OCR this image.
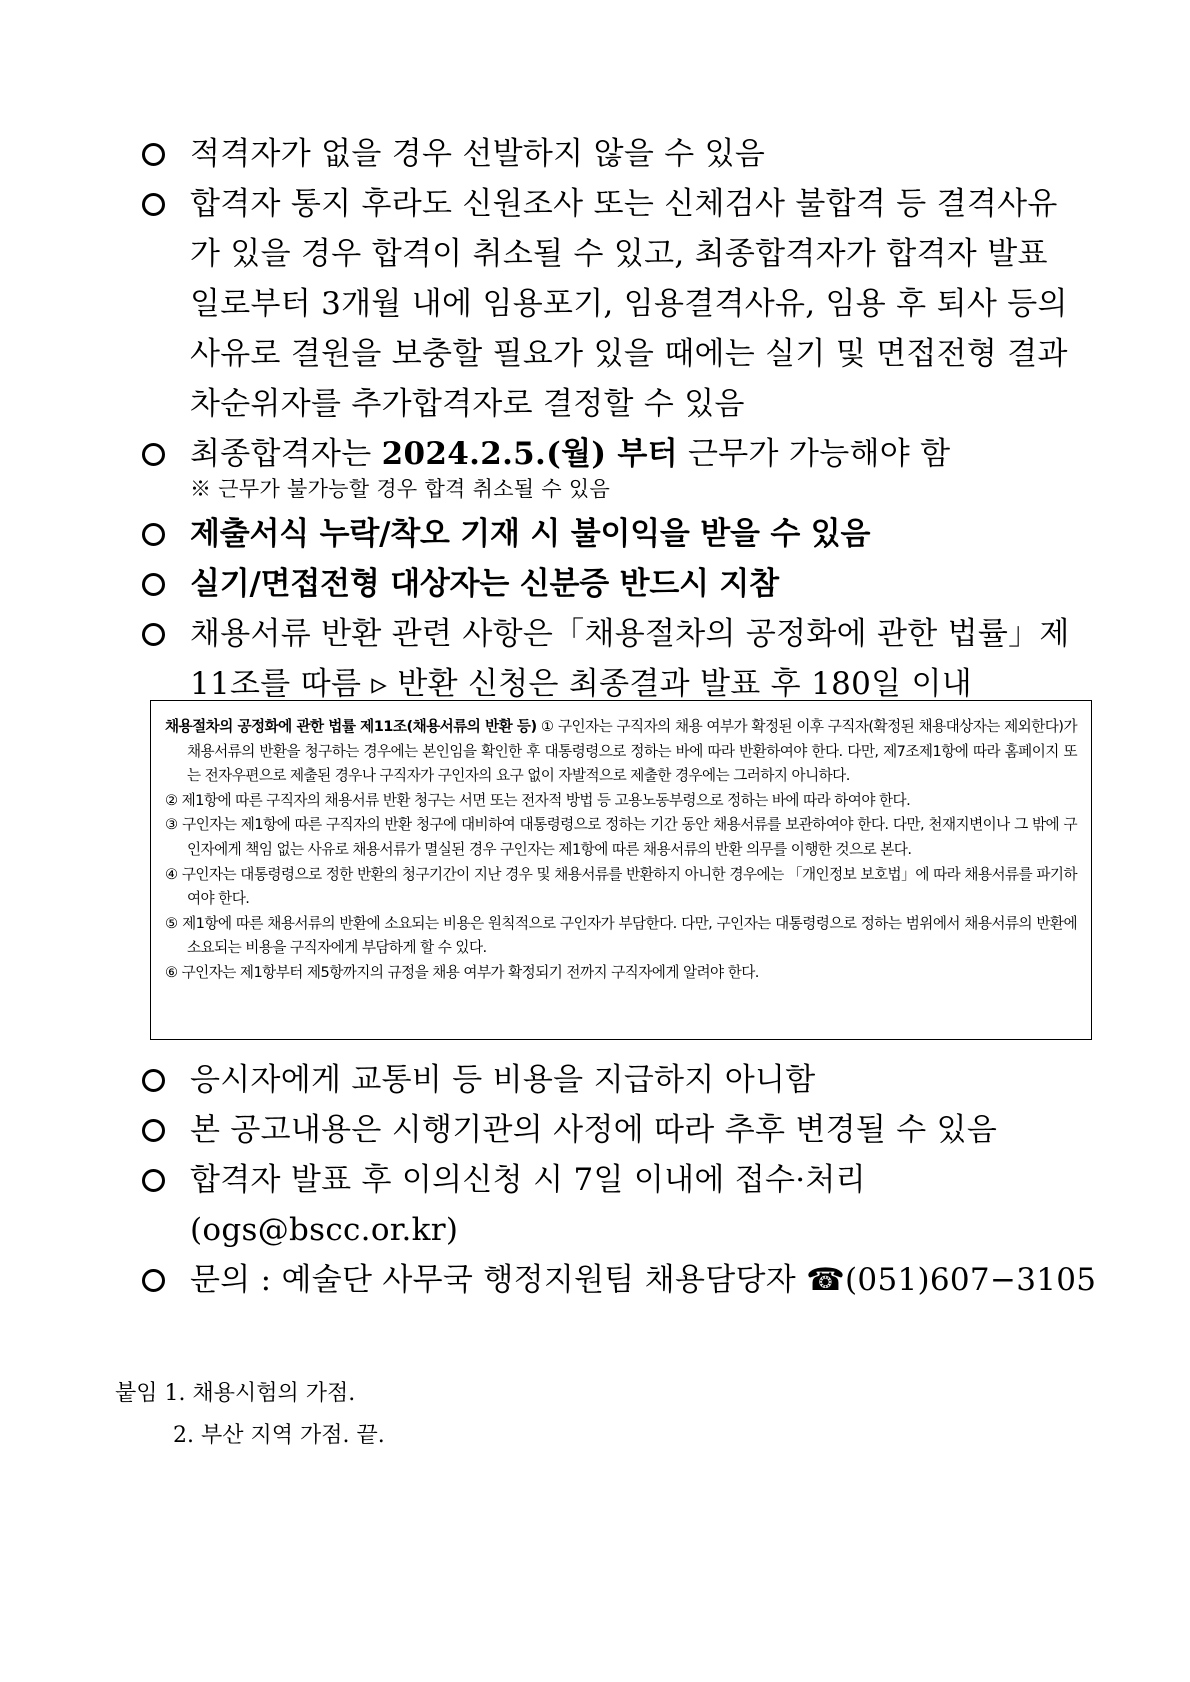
적격자가 없을 경우 선발하지 않을 수 있음
합격자 통지 후라도 신원조사 또는 신체검사 불합격 등 결격사유
가 있을 경우 합격이 취소될 수 있고, 최종합격자가 합격자 발표
일로부터 3개월 내에 임용포기, 임용결격사유, 임용 후 퇴사 등의
사유로 결원을 보충할 필요가 있을 때에는 실기 및 면접전형 결과
차순위자를 추가합격자로 결정할 수 있음
최종합격자는 2024.2.5.(월) 부터 근무가 가능해야 함
※ 근무가 불가능할 경우 합격 취소될 수 있음
제출서식 누락/착오 기재 시 불이익을 받을 수 있음
실기/면접전형 대상자는 신분증 반드시 지참
채용서류 반환 관련 사항은「채용절차의 공정화에 관한 법률」제
11조를 따름 ▹ 반환 신청은 최종결과 발표 후 180일 이내

채용절차의 공정화에 관한 법률 제11조(채용서류의 반환 등) ① 구인자는 구직자의 채용 여부가 확정된 이후 구직자(확정된 채용대상자는 제외한다)가 채용서류의 반환을 청구하는 경우에는 본인임을 확인한 후 대통령령으로 정하는 바에 따라 반환하여야 한다. 다만, 제7조제1항에 따라 홈페이지 또는 전자우편으로 제출된 경우나 구직자가 구인자의 요구 없이 자발적으로 제출한 경우에는 그러하지 아니하다.

② 제1항에 따른 구직자의 채용서류 반환 청구는 서면 또는 전자적 방법 등 고용노동부령으로 정하는 바에 따라 하여야 한다.

③ 구인자는 제1항에 따른 구직자의 반환 청구에 대비하여 대통령령으로 정하는 기간 동안 채용서류를 보관하여야 한다. 다만, 천재지변이나 그 밖에 구인자에게 책임 없는 사유로 채용서류가 멸실된 경우 구인자는 제1항에 따른 채용서류의 반환 의무를 이행한 것으로 본다.

④ 구인자는 대통령령으로 정한 반환의 청구기간이 지난 경우 및 채용서류를 반환하지 아니한 경우에는 「개인정보 보호법」에 따라 채용서류를 파기하여야 한다.

⑤ 제1항에 따른 채용서류의 반환에 소요되는 비용은 원칙적으로 구인자가 부담한다. 다만, 구인자는 대통령령으로 정하는 범위에서 채용서류의 반환에 소요되는 비용을 구직자에게 부담하게 할 수 있다.

⑥ 구인자는 제1항부터 제5항까지의 규정을 채용 여부가 확정되기 전까지 구직자에게 알려야 한다.

응시자에게 교통비 등 비용을 지급하지 아니함
본 공고내용은 시행기관의 사정에 따라 추후 변경될 수 있음
합격자 발표 후 이의신청 시 7일 이내에 접수·처리(ogs@bscc.or.kr)
문의 : 예술단 사무국 행정지원팀 채용담당자 ☎(051)607−3105
붙임 1. 채용시험의 가점.
2. 부산 지역 가점. 끝.
